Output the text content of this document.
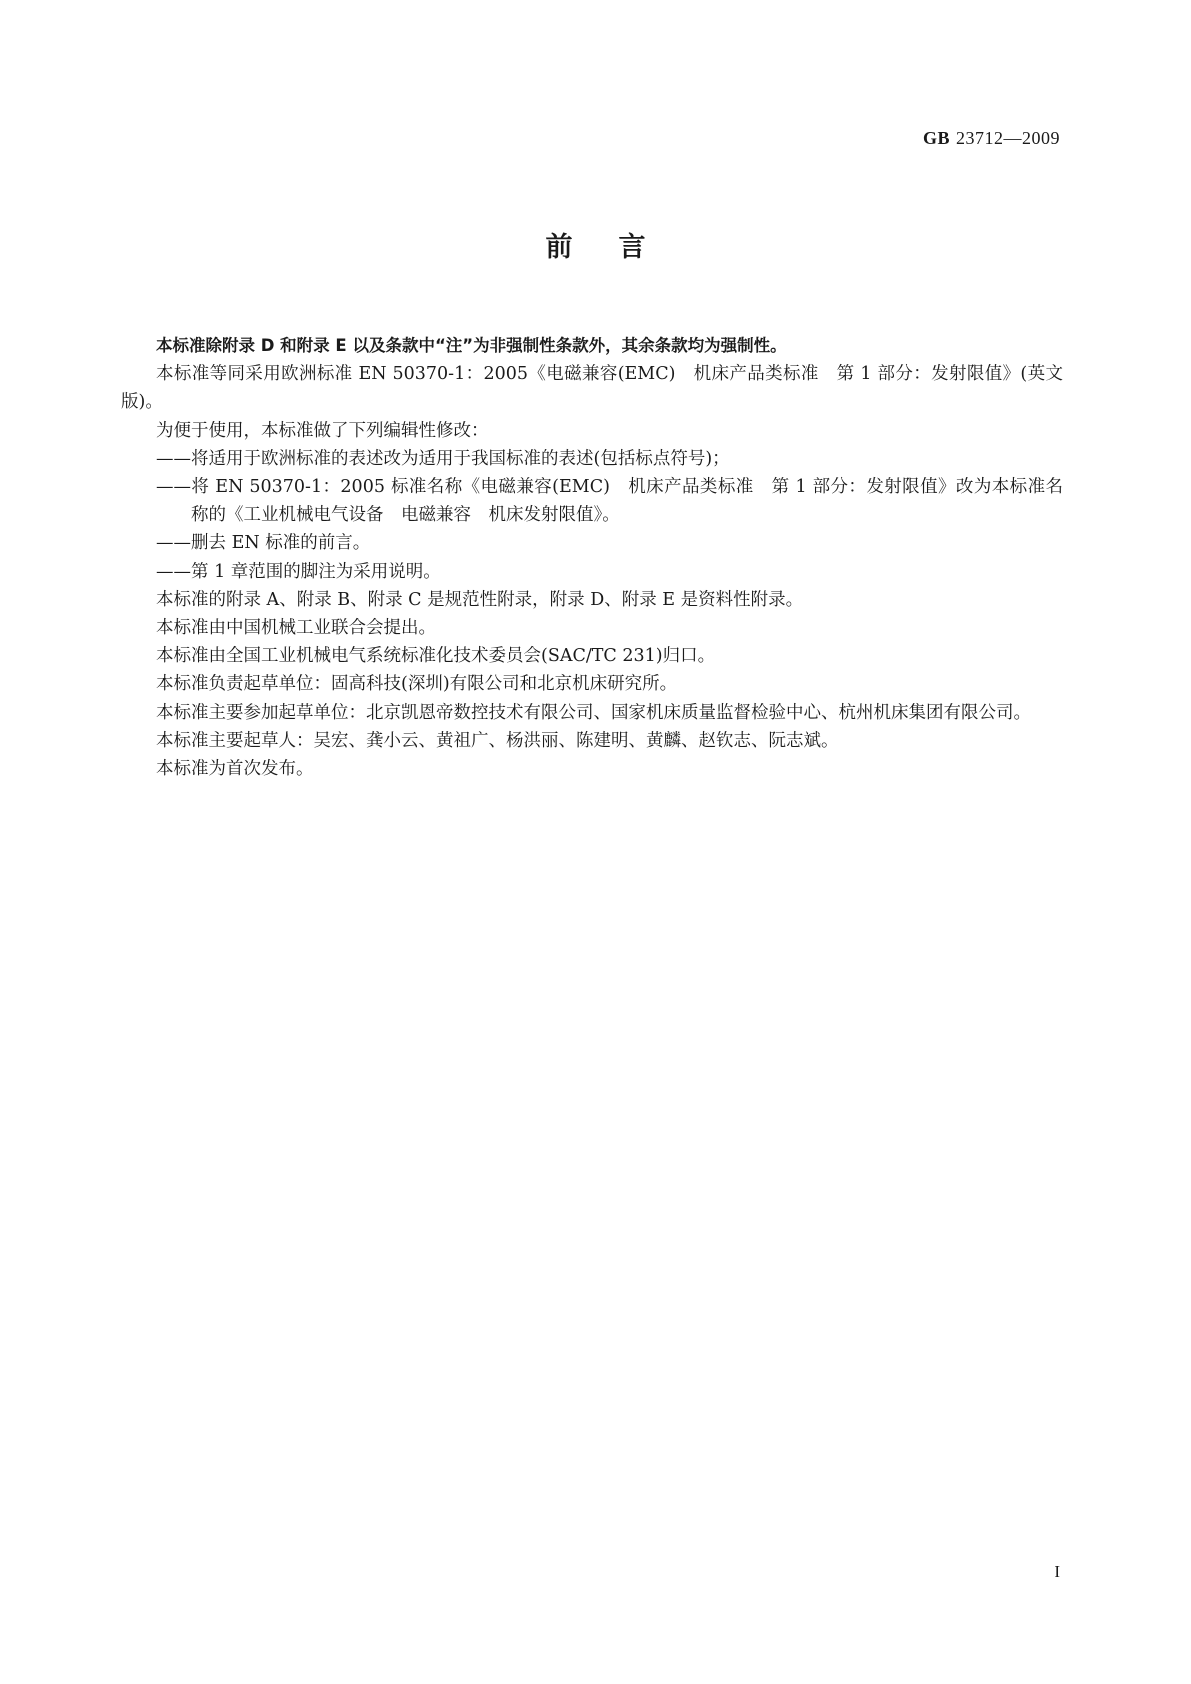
GB 23712—2009
前言

本标准除附录 D 和附录 E 以及条款中“注”为非强制性条款外，其余条款均为强制性。

本标准等同采用欧洲标准 EN 50370-1：2005《电磁兼容(EMC)　机床产品类标准　第 1 部分：发射限值》(英文版)。

为便于使用，本标准做了下列编辑性修改：

——将适用于欧洲标准的表述改为适用于我国标准的表述(包括标点符号)；

——将 EN 50370-1：2005 标准名称《电磁兼容(EMC)　机床产品类标准　第 1 部分：发射限值》改为本标准名称的《工业机械电气设备　电磁兼容　机床发射限值》。

——删去 EN 标准的前言。

——第 1 章范围的脚注为采用说明。

本标准的附录 A、附录 B、附录 C 是规范性附录，附录 D、附录 E 是资料性附录。

本标准由中国机械工业联合会提出。

本标准由全国工业机械电气系统标准化技术委员会(SAC/TC 231)归口。

本标准负责起草单位：固高科技(深圳)有限公司和北京机床研究所。

本标准主要参加起草单位：北京凯恩帝数控技术有限公司、国家机床质量监督检验中心、杭州机床集团有限公司。

本标准主要起草人：吴宏、龚小云、黄祖广、杨洪丽、陈建明、黄麟、赵钦志、阮志斌。

本标准为首次发布。

I
